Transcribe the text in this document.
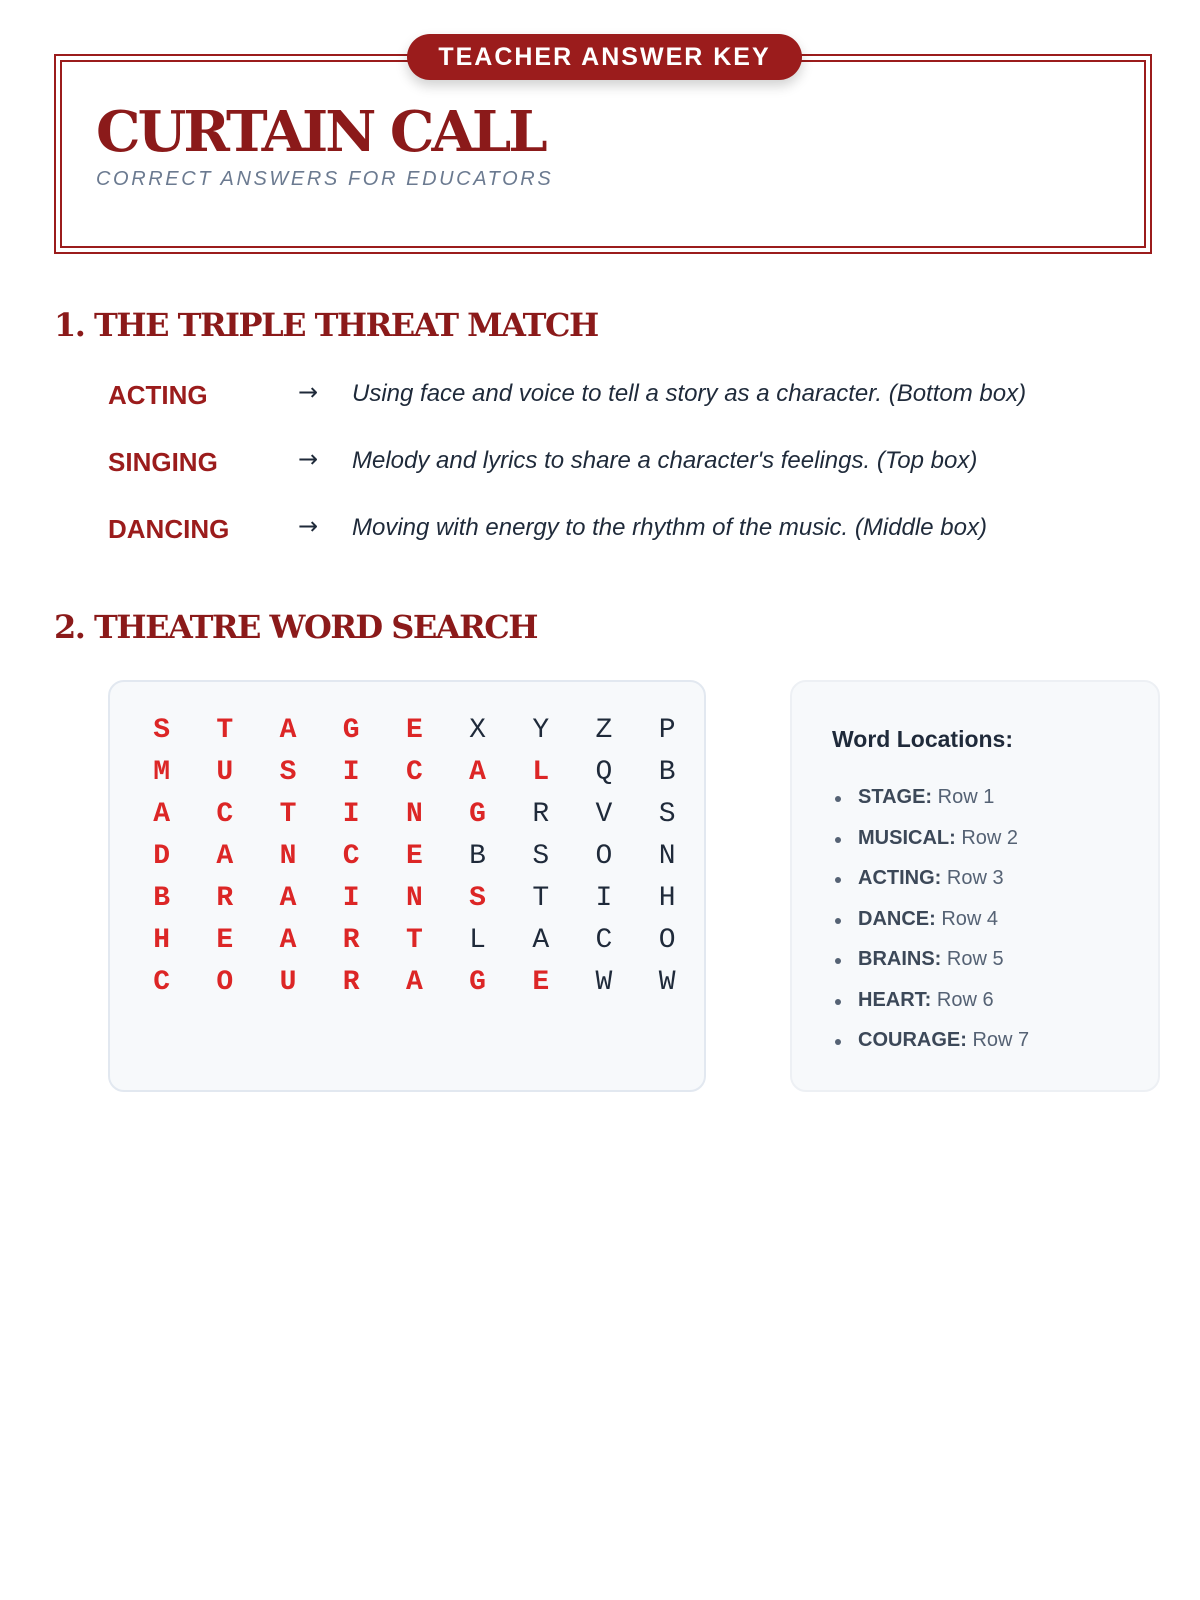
TEACHER ANSWER KEY
CURTAIN CALL
CORRECT ANSWERS FOR EDUCATORS
1. THE TRIPLE THREAT MATCH
ACTING	→ Using face and voice to tell a story as a character. (Bottom box)
SINGING	→ Melody and lyrics to share a character's feelings. (Top box)
DANCING	→ Moving with energy to the rhythm of the music. (Middle box)
2. THEATRE WORD SEARCH
S	T	A	G	E	X	Y	Z	P
M	U	S	I	C	A	L	Q	B
A	C	T	I	N	G	R	V	S
D	A	N	C	E	B	S	O	N
B	R	A	I	N	S	T	I	H
H	E	A	R	T	L	A	C	O
C	O	U	R	A	G	E	W	W
Word Locations:
STAGE: Row 1
MUSICAL: Row 2
ACTING: Row 3
DANCE: Row 4
BRAINS: Row 5
HEART: Row 6
COURAGE: Row 7
